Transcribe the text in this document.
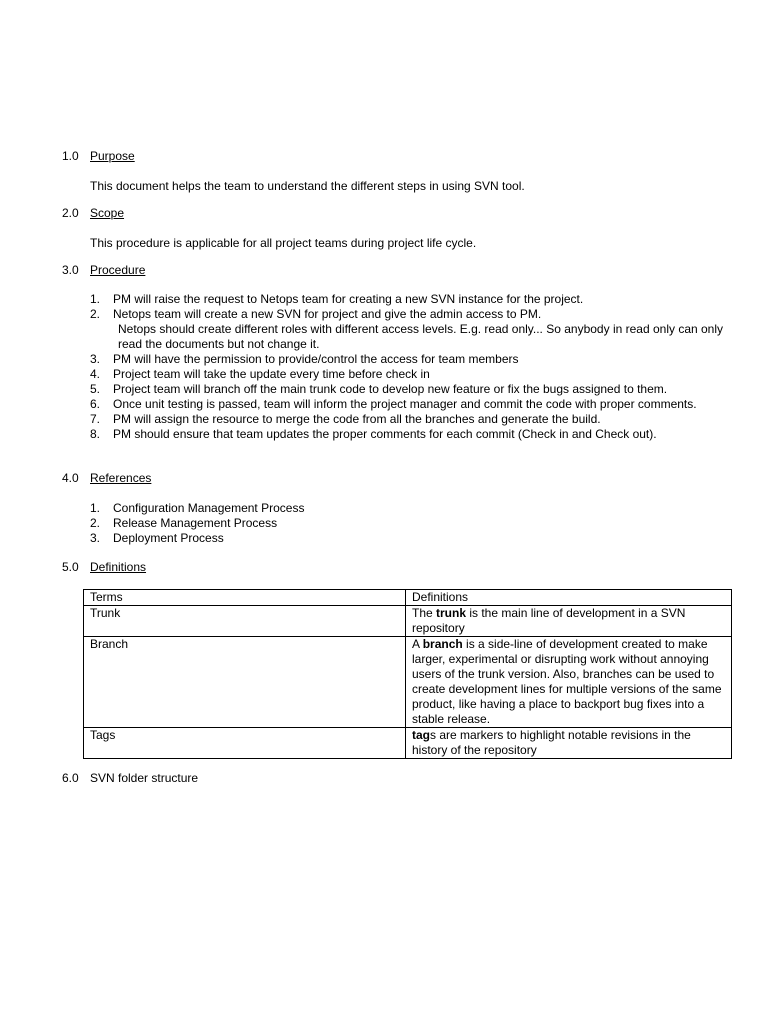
1.0 Purpose
This document helps the team to understand the different steps in using SVN tool.
2.0 Scope
This procedure is applicable for all project teams during project life cycle.
3.0 Procedure
1. PM will raise the request to Netops team for creating a new SVN instance for the project.
2. Netops team will create a new SVN for project and give the admin access to PM.
Netops should create different roles with different access levels. E.g. read only... So anybody in read only can only read the documents but not change it.
3. PM will have the permission to provide/control the access for team members
4. Project team will take the update every time before check in
5. Project team will branch off the main trunk code to develop new feature or fix the bugs assigned to them.
6. Once unit testing is passed, team will inform the project manager and commit the code with proper comments.
7. PM will assign the resource to merge the code from all the branches and generate the build.
8. PM should ensure that team updates the proper comments for each commit (Check in and Check out).
4.0 References
1. Configuration Management Process
2. Release Management Process
3. Deployment Process
5.0 Definitions
Terms	Definitions
Trunk	The trunk is the main line of development in a SVN repository
Branch	A branch is a side-line of development created to make larger, experimental or disrupting work without annoying users of the trunk version. Also, branches can be used to create development lines for multiple versions of the same product, like having a place to backport bug fixes into a stable release.
Tags	tags are markers to highlight notable revisions in the history of the repository
6.0 SVN folder structure
